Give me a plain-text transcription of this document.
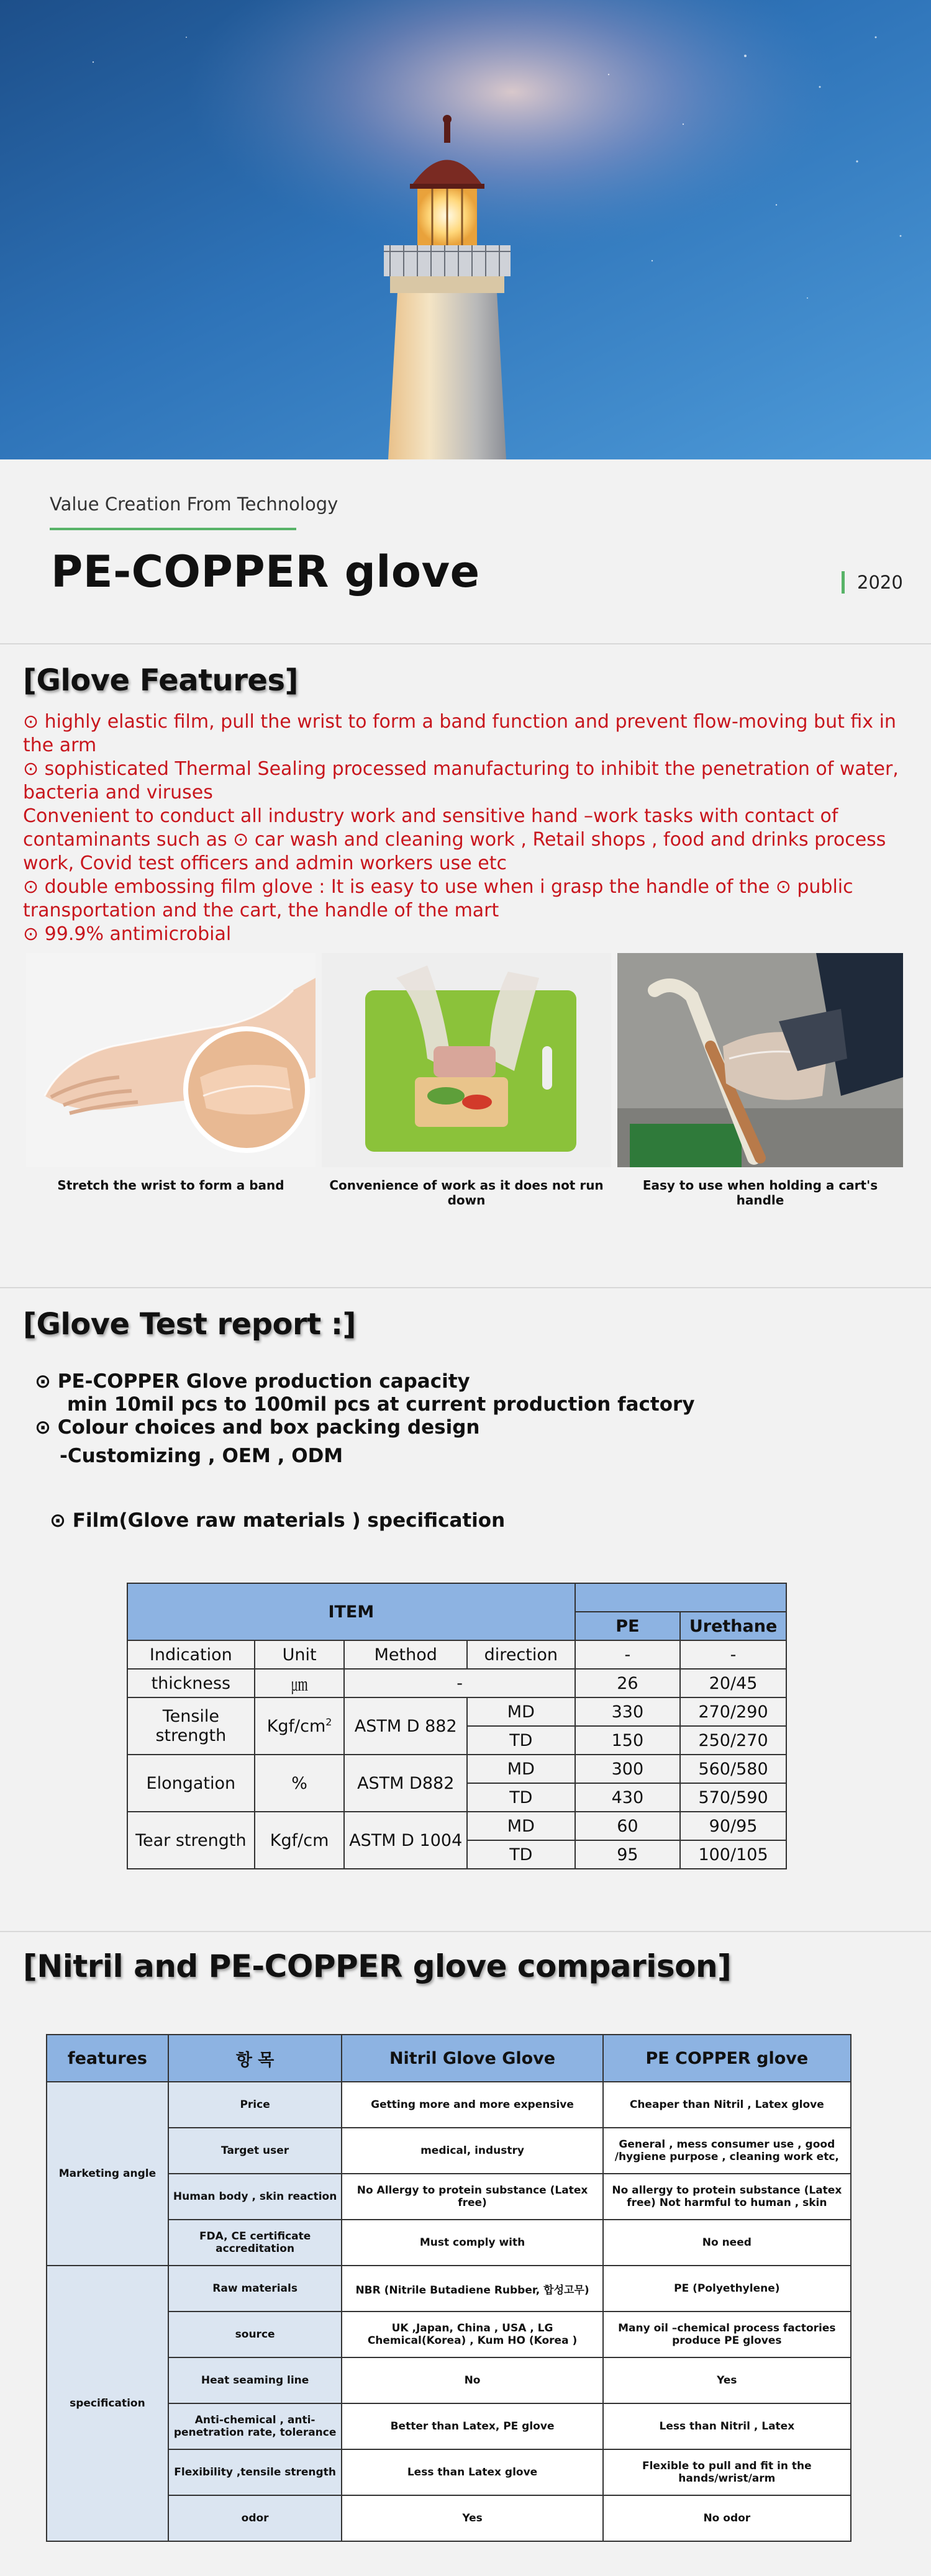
Value Creation From Technology
PE-COPPER glove	2020
[Glove Features]

⊙ highly elastic film, pull the wrist to form a band function and prevent flow-moving but fix in the arm

⊙ sophisticated Thermal Sealing processed manufacturing to inhibit the penetration of water, bacteria and viruses

Convenient to conduct all industry work and sensitive hand –work tasks with contact of contaminants such as ⊙ car wash and cleaning work , Retail shops , food and drinks process work, Covid test officers and admin workers use etc

⊙ double embossing film glove : It is easy to use when i grasp the handle of the ⊙ public transportation and the cart, the handle of the mart

⊙ 99.9% antimicrobial

Stretch the wrist to form a band	Convenience of work as it does not run down
Easy to use when holding a cart's handle
[Glove Test report :]
⊙ PE-COPPER Glove production capacity
min 10mil pcs to 100mil pcs at current production factory
⊙ Colour choices and box packing design
-Customizing , OEM , ODM
⊙ Film(Glove raw materials ) specification
ITEM					
				PE	Urethane
Indication	Unit	Method	direction	-	-
thickness	㎛	-		26	20/45
Tensile strength	Kgf/$cm^2$	ASTM D 882	MD	330	270/290
			TD	150	250/270
Elongation	%	ASTM D882	MD	300	560/580
			TD	430	570/590
Tear strength	Kgf/cm	ASTM D 1004	MD	60	90/95
			TD	95	100/105
[Nitril and PE-COPPER glove comparison]
features	항 목	Nitril Glove Glove	PE COPPER glove
Marketing angle	Price	Getting more and more expensive	Cheaper than Nitril , Latex glove
	Target user	medical, industry	General , mess consumer use , good /hygiene purpose , cleaning work etc,
	Human body , skin reaction	No Allergy to protein substance (Latex free)	No allergy to protein substance (Latex free) Not harmful to human , skin
	FDA, CE certificate accreditation	Must comply with	No need
specification	Raw materials	NBR (Nitrile Butadiene Rubber, 합성고무)	PE (Polyethylene)
	source	UK ,Japan, China , USA , LG Chemical(Korea) , Kum HO (Korea )	Many oil –chemical process factories produce PE gloves
	Heat seaming line	No	Yes
	Anti-chemical , anti-penetration rate, tolerance	Better than Latex, PE glove	Less than Nitril , Latex
	Flexibility ,tensile strength	Less than Latex glove	Flexible to pull and fit in the hands/wrist/arm
	odor	Yes	No odor
